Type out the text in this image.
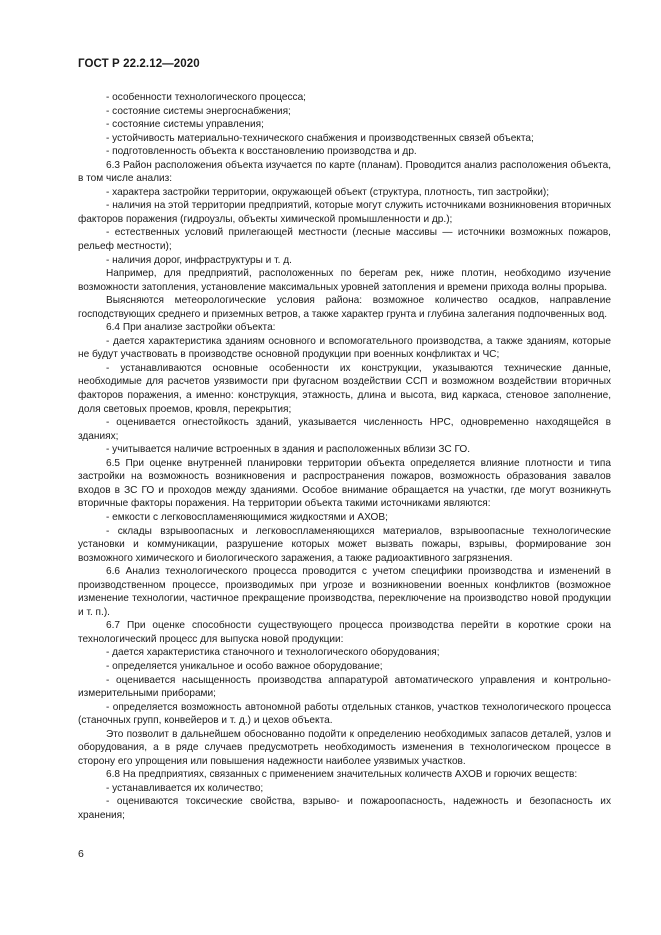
ГОСТ Р 22.2.12—2020

- особенности технологического процесса;

- состояние системы энергоснабжения;

- состояние системы управления;

- устойчивость материально-технического снабжения и производственных связей объекта;

- подготовленность объекта к восстановлению производства и др.

6.3 Район расположения объекта изучается по карте (планам). Проводится анализ расположения объекта, в том числе анализ:

- характера застройки территории, окружающей объект (структура, плотность, тип застройки);

- наличия на этой территории предприятий, которые могут служить источниками возникновения вторичных факторов поражения (гидроузлы, объекты химической промышленности и др.);

- естественных условий прилегающей местности (лесные массивы — источники возможных пожаров, рельеф местности);

- наличия дорог, инфраструктуры и т. д.

Например, для предприятий, расположенных по берегам рек, ниже плотин, необходимо изучение возможности затопления, установление максимальных уровней затопления и времени прихода волны прорыва.

Выясняются метеорологические условия района: возможное количество осадков, направление господствующих среднего и приземных ветров, а также характер грунта и глубина залегания подпочвенных вод.

6.4 При анализе застройки объекта:

- дается характеристика зданиям основного и вспомогательного производства, а также зданиям, которые не будут участвовать в производстве основной продукции при военных конфликтах и ЧС;

- устанавливаются основные особенности их конструкции, указываются технические данные, необходимые для расчетов уязвимости при фугасном воздействии ССП и возможном воздействии вторичных факторов поражения, а именно: конструкция, этажность, длина и высота, вид каркаса, стеновое заполнение, доля световых проемов, кровля, перекрытия;

- оценивается огнестойкость зданий, указывается численность НРС, одновременно находящейся в зданиях;

- учитывается наличие встроенных в здания и расположенных вблизи ЗС ГО.

6.5 При оценке внутренней планировки территории объекта определяется влияние плотности и типа застройки на возможность возникновения и распространения пожаров, возможность образования завалов входов в ЗС ГО и проходов между зданиями. Особое внимание обращается на участки, где могут возникнуть вторичные факторы поражения. На территории объекта такими источниками являются:

- емкости с легковоспламеняющимися жидкостями и АХОВ;

- склады взрывоопасных и легковоспламеняющихся материалов, взрывоопасные технологические установки и коммуникации, разрушение которых может вызвать пожары, взрывы, формирование зон возможного химического и биологического заражения, а также радиоактивного загрязнения.

6.6 Анализ технологического процесса проводится с учетом специфики производства и изменений в производственном процессе, производимых при угрозе и возникновении военных конфликтов (возможное изменение технологии, частичное прекращение производства, переключение на производство новой продукции и т. п.).

6.7 При оценке способности существующего процесса производства перейти в короткие сроки на технологический процесс для выпуска новой продукции:

- дается характеристика станочного и технологического оборудования;

- определяется уникальное и особо важное оборудование;

- оценивается насыщенность производства аппаратурой автоматического управления и контрольно-измерительными приборами;

- определяется возможность автономной работы отдельных станков, участков технологического процесса (станочных групп, конвейеров и т. д.) и цехов объекта.

Это позволит в дальнейшем обоснованно подойти к определению необходимых запасов деталей, узлов и оборудования, а в ряде случаев предусмотреть необходимость изменения в технологическом процессе в сторону его упрощения или повышения надежности наиболее уязвимых участков.

6.8 На предприятиях, связанных с применением значительных количеств АХОВ и горючих веществ:

- устанавливается их количество;

- оцениваются токсические свойства, взрыво- и пожароопасность, надежность и безопасность их хранения;

6
